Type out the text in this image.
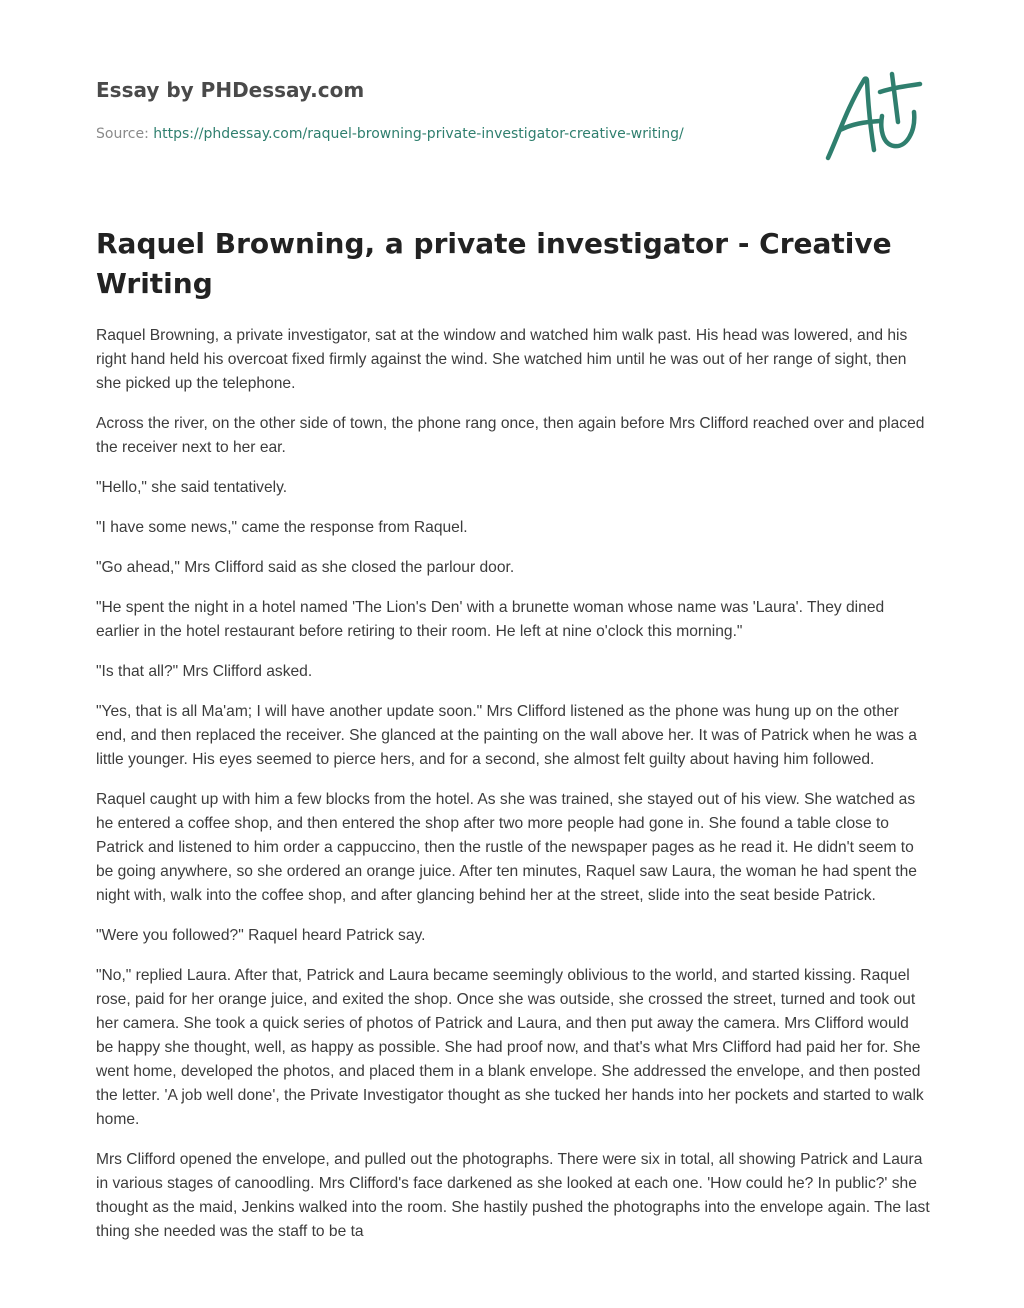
Essay by PHDessay.com

Source: https://phdessay.com/raquel-browning-private-investigator-creative-writing/
Raquel Browning, a private investigator - Creative Writing

Raquel Browning, a private investigator, sat at the window and watched him walk past. His head was lowered, and his right hand held his overcoat fixed firmly against the wind. She watched him until he was out of her range of sight, then she picked up the telephone.

Across the river, on the other side of town, the phone rang once, then again before Mrs Clifford reached over and placed the receiver next to her ear.

"Hello," she said tentatively.

"I have some news," came the response from Raquel.

"Go ahead," Mrs Clifford said as she closed the parlour door.

"He spent the night in a hotel named 'The Lion's Den' with a brunette woman whose name was 'Laura'. They dined earlier in the hotel restaurant before retiring to their room. He left at nine o'clock this morning."

"Is that all?" Mrs Clifford asked.

"Yes, that is all Ma'am; I will have another update soon." Mrs Clifford listened as the phone was hung up on the other end, and then replaced the receiver. She glanced at the painting on the wall above her. It was of Patrick when he was a little younger. His eyes seemed to pierce hers, and for a second, she almost felt guilty about having him followed.

Raquel caught up with him a few blocks from the hotel. As she was trained, she stayed out of his view. She watched as he entered a coffee shop, and then entered the shop after two more people had gone in. She found a table close to Patrick and listened to him order a cappuccino, then the rustle of the newspaper pages as he read it. He didn't seem to be going anywhere, so she ordered an orange juice. After ten minutes, Raquel saw Laura, the woman he had spent the night with, walk into the coffee shop, and after glancing behind her at the street, slide into the seat beside Patrick.

"Were you followed?" Raquel heard Patrick say.

"No," replied Laura. After that, Patrick and Laura became seemingly oblivious to the world, and started kissing. Raquel rose, paid for her orange juice, and exited the shop. Once she was outside, she crossed the street, turned and took out her camera. She took a quick series of photos of Patrick and Laura, and then put away the camera. Mrs Clifford would be happy she thought, well, as happy as possible. She had proof now, and that's what Mrs Clifford had paid her for. She went home, developed the photos, and placed them in a blank envelope. She addressed the envelope, and then posted the letter. 'A job well done', the Private Investigator thought as she tucked her hands into her pockets and started to walk home.

Mrs Clifford opened the envelope, and pulled out the photographs. There were six in total, all showing Patrick and Laura in various stages of canoodling. Mrs Clifford's face darkened as she looked at each one. 'How could he? In public?' she thought as the maid, Jenkins walked into the room. She hastily pushed the photographs into the envelope again. The last thing she needed was the staff to be ta
